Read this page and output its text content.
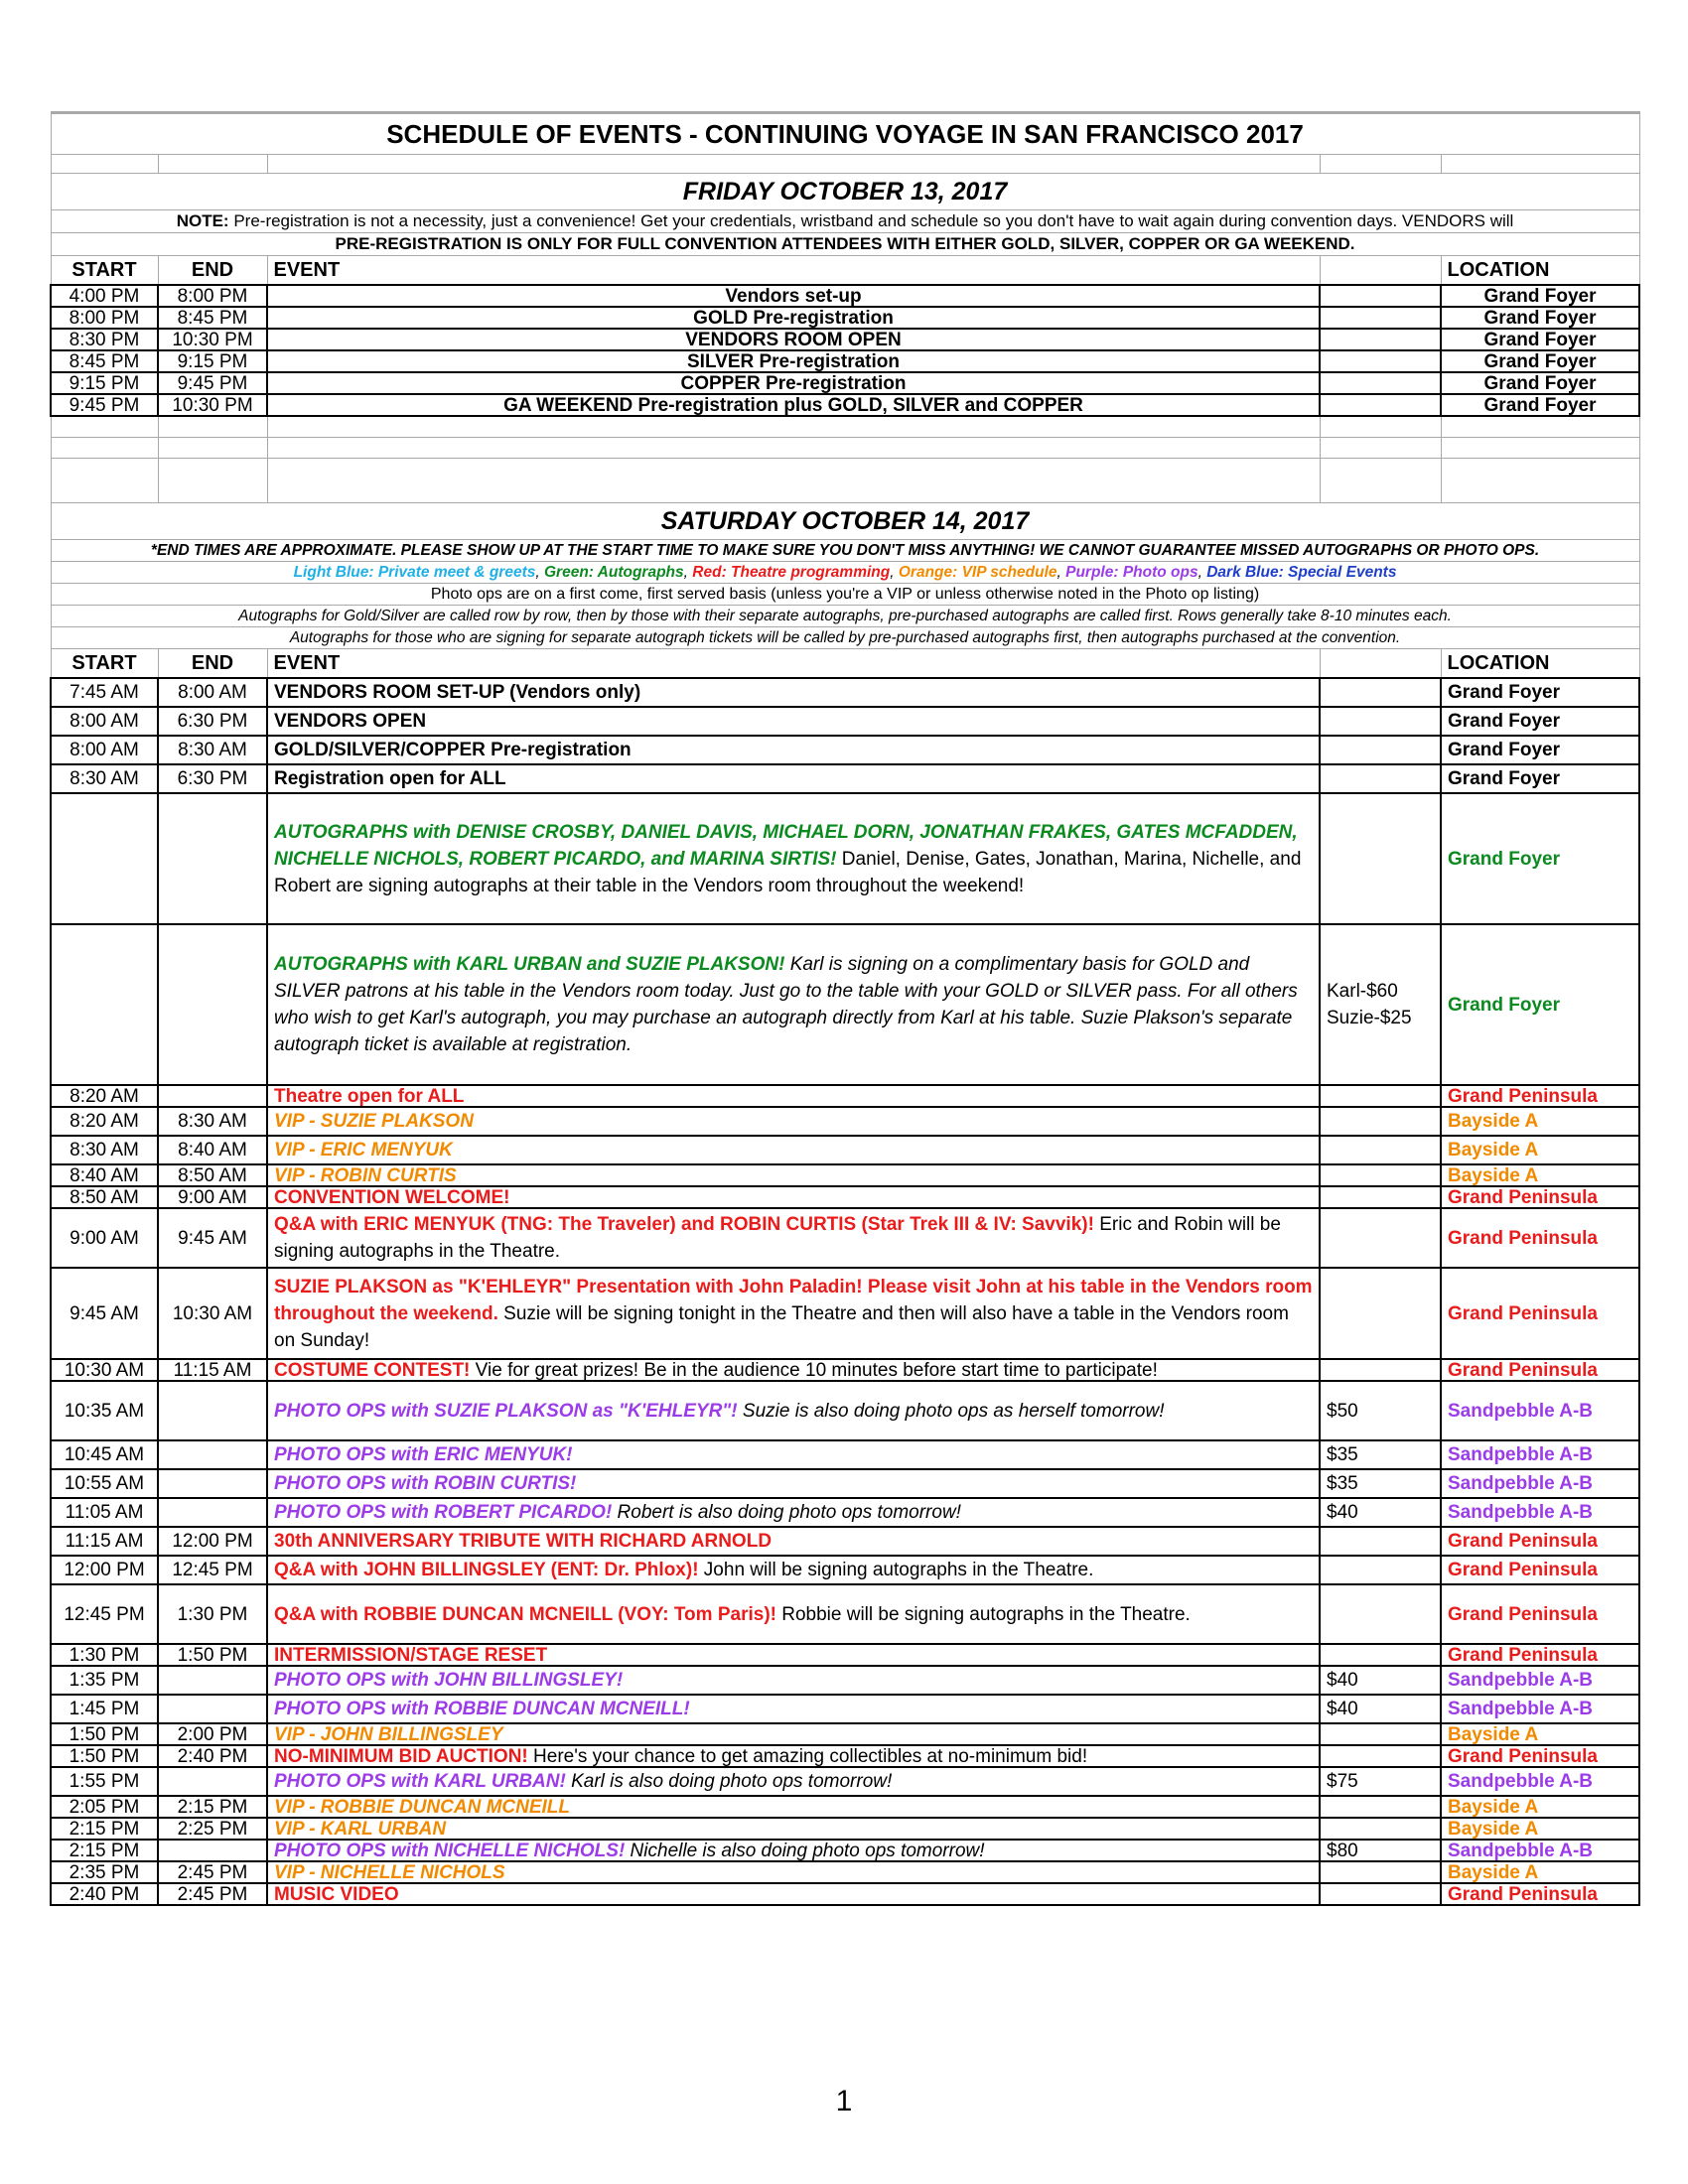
SCHEDULE OF EVENTS - CONTINUING VOYAGE IN SAN FRANCISCO 2017				

FRIDAY OCTOBER 13, 2017				
NOTE: Pre-registration is not a necessity, just a convenience! Get your credentials, wristband and schedule so you don't have to wait again during convention days. VENDORS will				
PRE-REGISTRATION IS ONLY FOR FULL CONVENTION ATTENDEES WITH EITHER GOLD, SILVER, COPPER OR GA WEEKEND.				
START	END	EVENT		LOCATION
4:00 PM	8:00 PM	Vendors set-up		Grand Foyer
8:00 PM	8:45 PM	GOLD Pre-registration		Grand Foyer
8:30 PM	10:30 PM	VENDORS ROOM OPEN		Grand Foyer
8:45 PM	9:15 PM	SILVER Pre-registration		Grand Foyer
9:15 PM	9:45 PM	COPPER Pre-registration		Grand Foyer
9:45 PM	10:30 PM	GA WEEKEND Pre-registration plus GOLD, SILVER and COPPER		Grand Foyer

SATURDAY OCTOBER 14, 2017				
*END TIMES ARE APPROXIMATE. PLEASE SHOW UP AT THE START TIME TO MAKE SURE YOU DON'T MISS ANYTHING! WE CANNOT GUARANTEE MISSED AUTOGRAPHS OR PHOTO OPS.				
Light Blue: Private meet & greets, Green: Autographs, Red: Theatre programming, Orange: VIP schedule, Purple: Photo ops, Dark Blue: Special Events				
Photo ops are on a first come, first served basis (unless you're a VIP or unless otherwise noted in the Photo op listing)				
Autographs for Gold/Silver are called row by row, then by those with their separate autographs, pre-purchased autographs are called first. Rows generally take 8-10 minutes each.				
Autographs for those who are signing for separate autograph tickets will be called by pre-purchased autographs first, then autographs purchased at the convention.				
START	END	EVENT		LOCATION
7:45 AM	8:00 AM	VENDORS ROOM SET-UP (Vendors only)		Grand Foyer
8:00 AM	6:30 PM	VENDORS OPEN		Grand Foyer
8:00 AM	8:30 AM	GOLD/SILVER/COPPER Pre-registration		Grand Foyer
8:30 AM	6:30 PM	Registration open for ALL		Grand Foyer
		AUTOGRAPHS with DENISE CROSBY, DANIEL DAVIS, MICHAEL DORN, JONATHAN FRAKES, GATES MCFADDEN, NICHELLE NICHOLS, ROBERT PICARDO, and MARINA SIRTIS! Daniel, Denise, Gates, Jonathan, Marina, Nichelle, and Robert are signing autographs at their table in the Vendors room throughout the weekend!		Grand Foyer
		AUTOGRAPHS with KARL URBAN and SUZIE PLAKSON! Karl is signing on a complimentary basis for GOLD and SILVER patrons at his table in the Vendors room today. Just go to the table with your GOLD or SILVER pass. For all others who wish to get Karl's autograph, you may purchase an autograph directly from Karl at his table. Suzie Plakson's separate autograph ticket is available at registration.	Karl-$60
Suzie-$25	Grand Foyer
8:20 AM		Theatre open for ALL		Grand Peninsula
8:20 AM	8:30 AM	VIP - SUZIE PLAKSON		Bayside A
8:30 AM	8:40 AM	VIP - ERIC MENYUK		Bayside A
8:40 AM	8:50 AM	VIP - ROBIN CURTIS		Bayside A
8:50 AM	9:00 AM	CONVENTION WELCOME!		Grand Peninsula
9:00 AM	9:45 AM	Q&A with ERIC MENYUK (TNG: The Traveler) and ROBIN CURTIS (Star Trek III & IV: Savvik)! Eric and Robin will be signing autographs in the Theatre.		Grand Peninsula
9:45 AM	10:30 AM	SUZIE PLAKSON as "K'EHLEYR" Presentation with John Paladin! Please visit John at his table in the Vendors room throughout the weekend. Suzie will be signing tonight in the Theatre and then will also have a table in the Vendors room on Sunday!		Grand Peninsula
10:30 AM	11:15 AM	COSTUME CONTEST! Vie for great prizes! Be in the audience 10 minutes before start time to participate!		Grand Peninsula
10:35 AM		PHOTO OPS with SUZIE PLAKSON as "K'EHLEYR"! Suzie is also doing photo ops as herself tomorrow!	$50	Sandpebble A-B
10:45 AM		PHOTO OPS with ERIC MENYUK!	$35	Sandpebble A-B
10:55 AM		PHOTO OPS with ROBIN CURTIS!	$35	Sandpebble A-B
11:05 AM		PHOTO OPS with ROBERT PICARDO! Robert is also doing photo ops tomorrow!	$40	Sandpebble A-B
11:15 AM	12:00 PM	30th ANNIVERSARY TRIBUTE WITH RICHARD ARNOLD		Grand Peninsula
12:00 PM	12:45 PM	Q&A with JOHN BILLINGSLEY (ENT: Dr. Phlox)! John will be signing autographs in the Theatre.		Grand Peninsula
12:45 PM	1:30 PM	Q&A with ROBBIE DUNCAN MCNEILL (VOY: Tom Paris)! Robbie will be signing autographs in the Theatre.		Grand Peninsula
1:30 PM	1:50 PM	INTERMISSION/STAGE RESET		Grand Peninsula
1:35 PM		PHOTO OPS with JOHN BILLINGSLEY!	$40	Sandpebble A-B
1:45 PM		PHOTO OPS with ROBBIE DUNCAN MCNEILL!	$40	Sandpebble A-B
1:50 PM	2:00 PM	VIP - JOHN BILLINGSLEY		Bayside A
1:50 PM	2:40 PM	NO-MINIMUM BID AUCTION! Here's your chance to get amazing collectibles at no-minimum bid!		Grand Peninsula
1:55 PM		PHOTO OPS with KARL URBAN! Karl is also doing photo ops tomorrow!	$75	Sandpebble A-B
2:05 PM	2:15 PM	VIP - ROBBIE DUNCAN MCNEILL		Bayside A
2:15 PM	2:25 PM	VIP - KARL URBAN		Bayside A
2:15 PM		PHOTO OPS with NICHELLE NICHOLS! Nichelle is also doing photo ops tomorrow!	$80	Sandpebble A-B
2:35 PM	2:45 PM	VIP - NICHELLE NICHOLS		Bayside A
2:40 PM	2:45 PM	MUSIC VIDEO		Grand Peninsula
1
